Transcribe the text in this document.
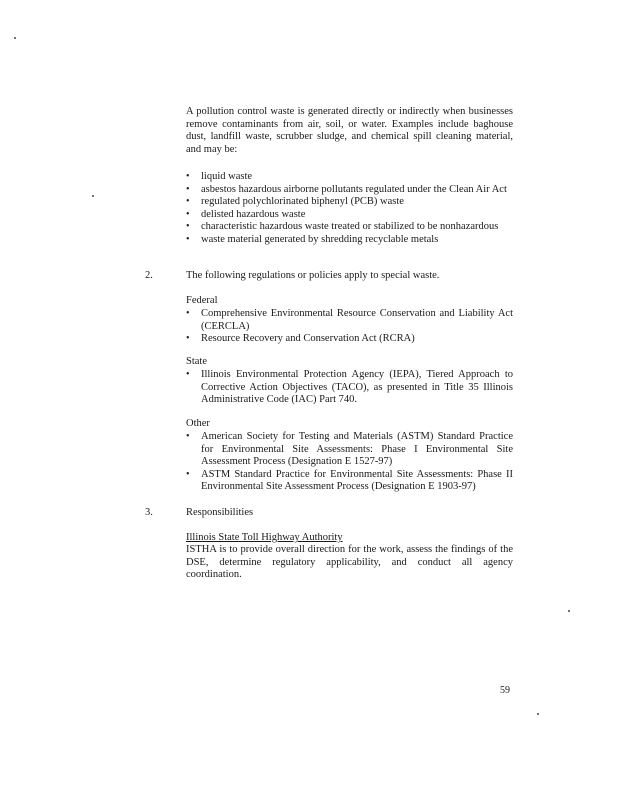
A pollution control waste is generated directly or indirectly when businesses remove contaminants from air, soil, or water. Examples include baghouse dust, landfill waste, scrubber sludge, and chemical spill cleaning material, and may be:
• liquid waste
• asbestos hazardous airborne pollutants regulated under the Clean Air Act
• regulated polychlorinated biphenyl (PCB) waste
• delisted hazardous waste
• characteristic hazardous waste treated or stabilized to be nonhazardous
• waste material generated by shredding recyclable metals
2.	The following regulations or policies apply to special waste.
Federal
• Comprehensive Environmental Resource Conservation and Liability Act (CERCLA)
• Resource Recovery and Conservation Act (RCRA)
State
• Illinois Environmental Protection Agency (IEPA), Tiered Approach to Corrective Action Objectives (TACO), as presented in Title 35 Illinois Administrative Code (IAC) Part 740.
Other
• American Society for Testing and Materials (ASTM) Standard Practice for Environmental Site Assessments: Phase I Environmental Site Assessment Process (Designation E 1527-97)
• ASTM Standard Practice for Environmental Site Assessments: Phase II Environmental Site Assessment Process (Designation E 1903-97)
3.	Responsibilities
Illinois State Toll Highway Authority
ISTHA is to provide overall direction for the work, assess the findings of the DSE, determine regulatory applicability, and conduct all agency coordination.
59
